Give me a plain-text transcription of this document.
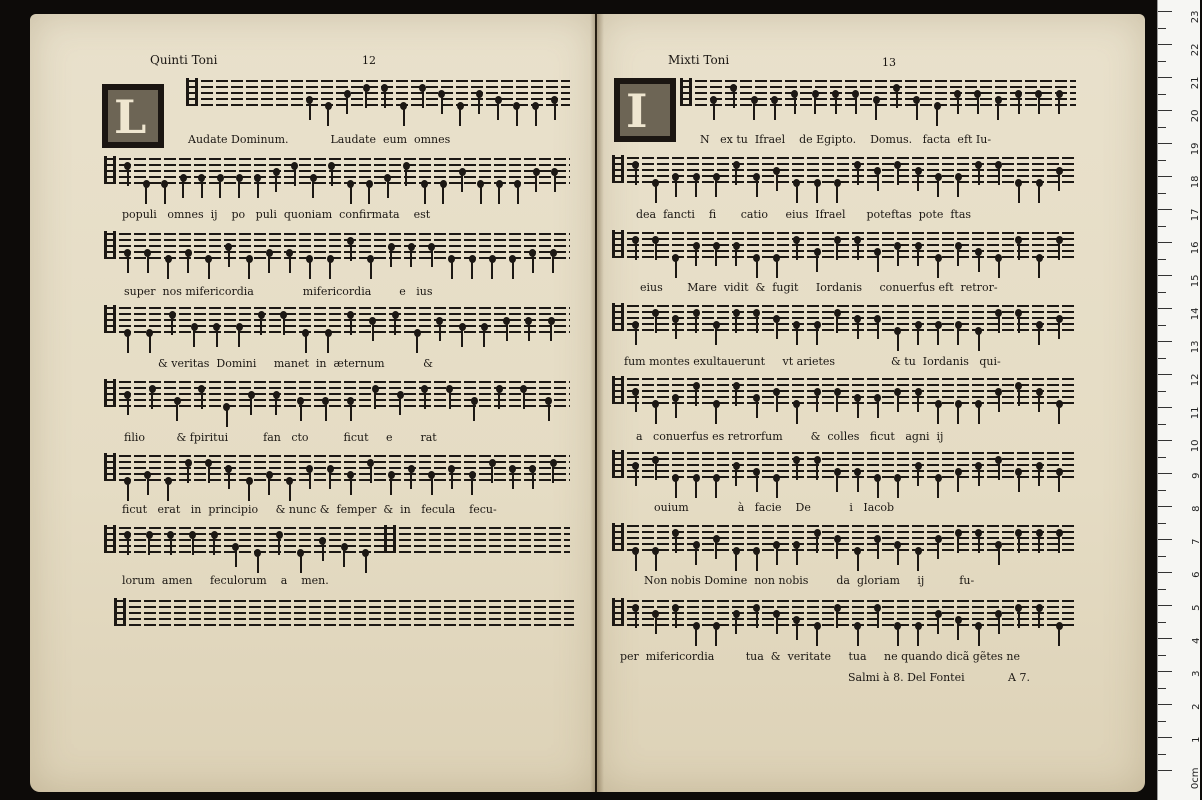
Quinti Toni	12
L	Audate Dominum.            Laudate  eum  omnes
populi   omnes  ij    po   puli  quoniam  confirmata    est
super  nos mifericordia              mifericordia        e   ius
& veritas  Domini     manet  in  æternum           &
filio         & fpiritui          fan   cto          ficut     e        rat
ficut   erat   in  principio     & nunc &  femper  &  in   fecula    fecu-
lorum  amen     feculorum    a    men.
Mixti Toni	13
I
N   ex tu  Ifrael    de Egipto.    Domus.   facta  eft Iu-
dea  fancti    fi       catio     eius  Ifrael      poteftas  pote  ftas
eius       Mare  vidit  &  fugit     Iordanis     conuerfus eft  retror-
fum montes exultauerunt     vt arietes                & tu  Iordanis   qui-
a   conuerfus es retrorfum        &  colles   ficut   agni  ij
ouium              à   facie    De           i   Iacob
Non nobis Domine  non nobis        da  gloriam     ij          fu-
per  mifericordia         tua  &  veritate     tua     ne quando dicã gẽtes ne
Salmi à 8. Del Fontei	A 7.
0cm
1
2
3
4
5
6
7
8
9
10
11
12
13
14
15
16
17
18
19
20
21
22
23
